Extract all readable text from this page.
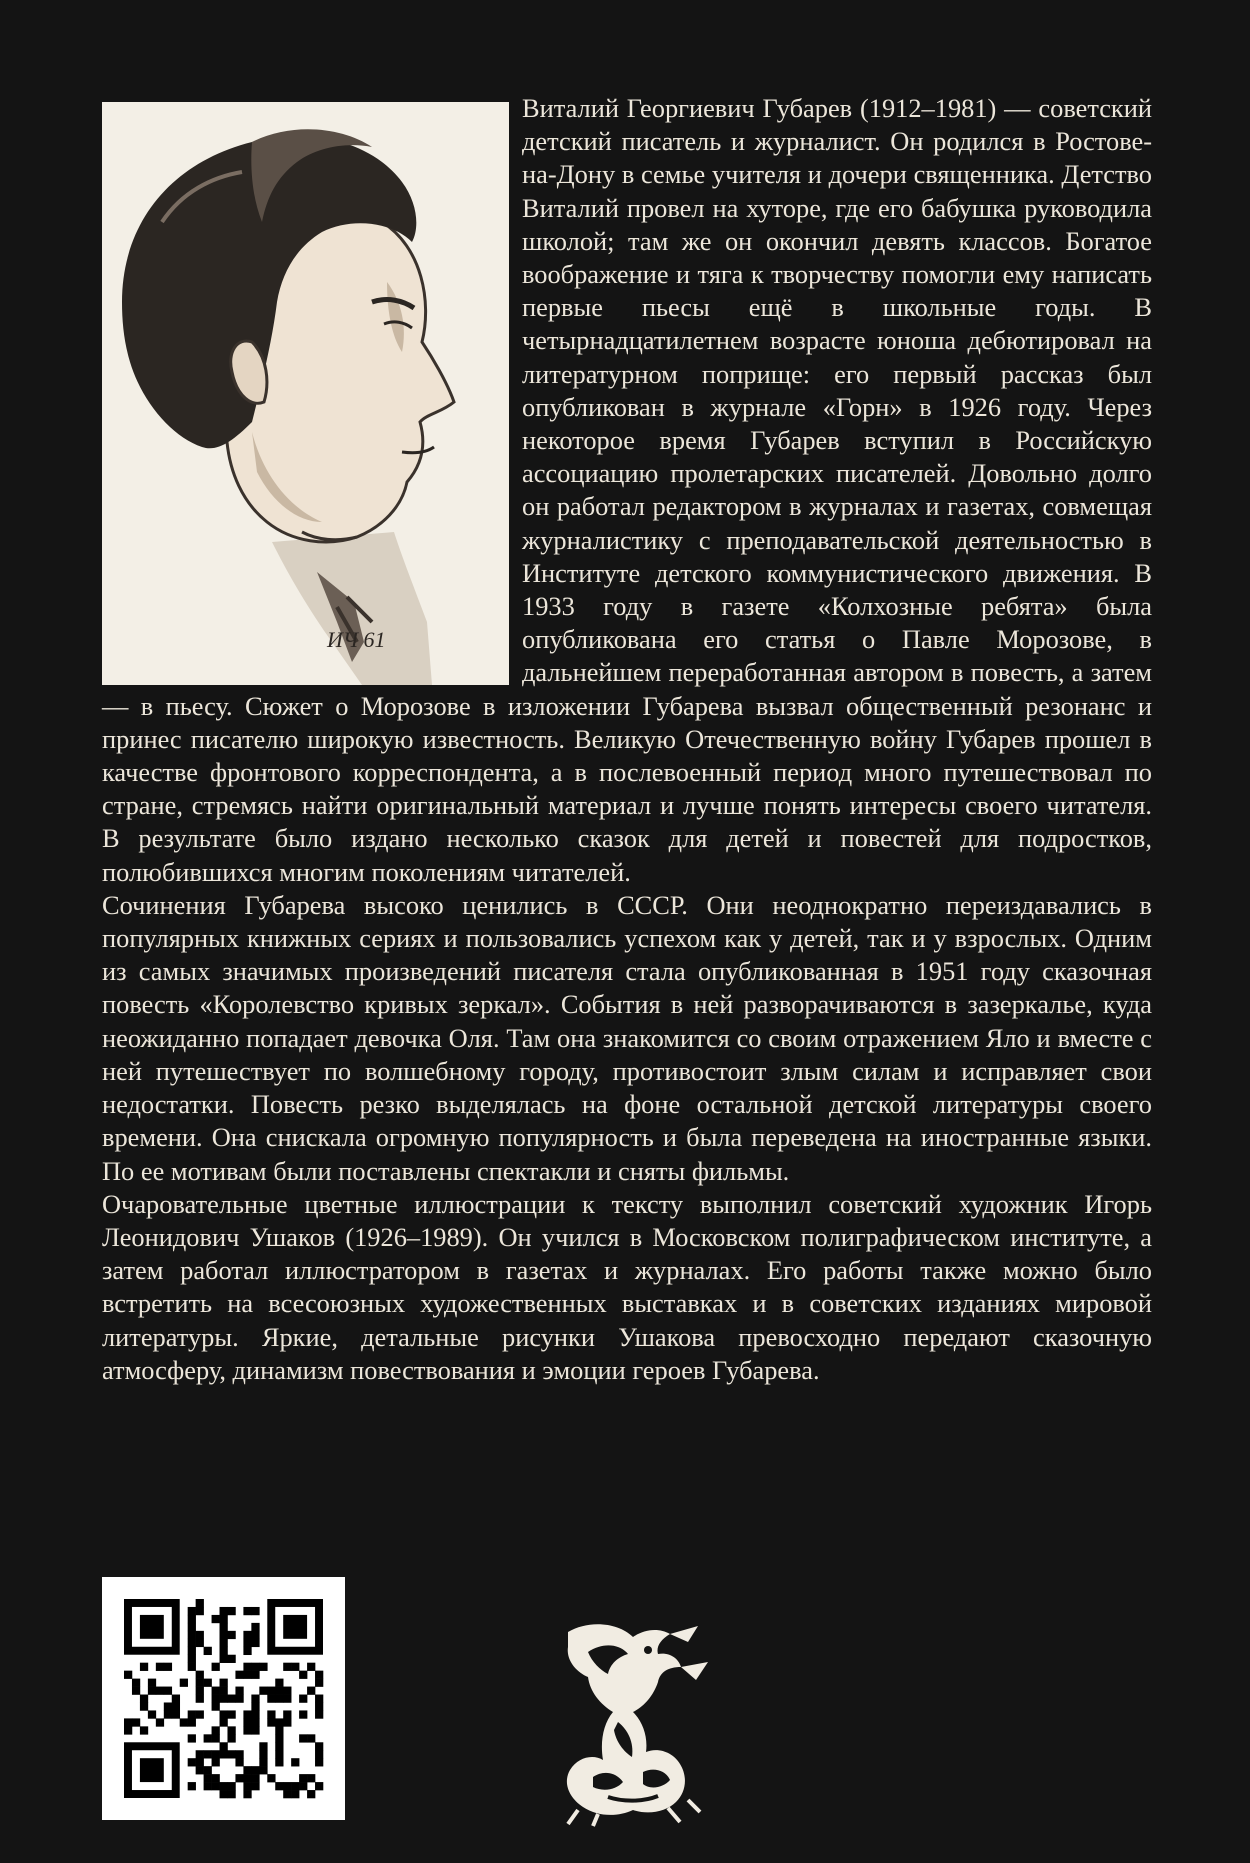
ИЧ 61

Виталий Георгиевич Губарев (1912–1981) — советский детский писатель и журналист. Он родился в Ростове-на-Дону в семье учителя и дочери священника. Детство Виталий провел на хуторе, где его бабушка руководила школой; там же он окончил девять классов. Богатое воображение и тяга к творчеству помогли ему написать первые пьесы ещё в школьные годы. В четырнадцатилетнем возрасте юноша дебютировал на литературном поприще: его первый рассказ был опубликован в журнале «Горн» в 1926 году. Через некоторое время Губарев вступил в Российскую ассоциацию пролетарских писателей. Довольно долго он работал редактором в журналах и газетах, совмещая журналистику с преподавательской деятельностью в Институте детского коммунистического движения. В 1933 году в газете «Колхозные ребята» была опубликована его статья о Павле Морозове, в дальнейшем переработанная автором в повесть, а затем — в пьесу. Сюжет о Морозове в изложении Губарева вызвал общественный резонанс и принес писателю широкую известность. Великую Отечественную войну Губарев прошел в качестве фронтового корреспондента, а в послевоенный период много путешествовал по стране, стремясь найти оригинальный материал и лучше понять интересы своего читателя. В результате было издано несколько сказок для детей и повестей для подростков, полюбившихся многим поколениям читателей.

Сочинения Губарева высоко ценились в СССР. Они неоднократно переиздавались в популярных книжных сериях и пользовались успехом как у детей, так и у взрослых. Одним из самых значимых произведений писателя стала опубликованная в 1951 году сказочная повесть «Королевство кривых зеркал». События в ней разворачиваются в зазеркалье, куда неожиданно попадает девочка Оля. Там она знакомится со своим отражением Яло и вместе с ней путешествует по волшебному городу, противостоит злым силам и исправляет свои недостатки. Повесть резко выделялась на фоне остальной детской литературы своего времени. Она снискала огромную популярность и была переведена на иностранные языки. По ее мотивам были поставлены спектакли и сняты фильмы.

Очаровательные цветные иллюстрации к тексту выполнил советский художник Игорь Леонидович Ушаков (1926–1989). Он учился в Московском полиграфическом институте, а затем работал иллюстратором в газетах и журналах. Его работы также можно было встретить на всесоюзных художественных выставках и в советских изданиях мировой литературы. Яркие, детальные рисунки Ушакова превосходно передают сказочную атмосферу, динамизм повествования и эмоции героев Губарева.
